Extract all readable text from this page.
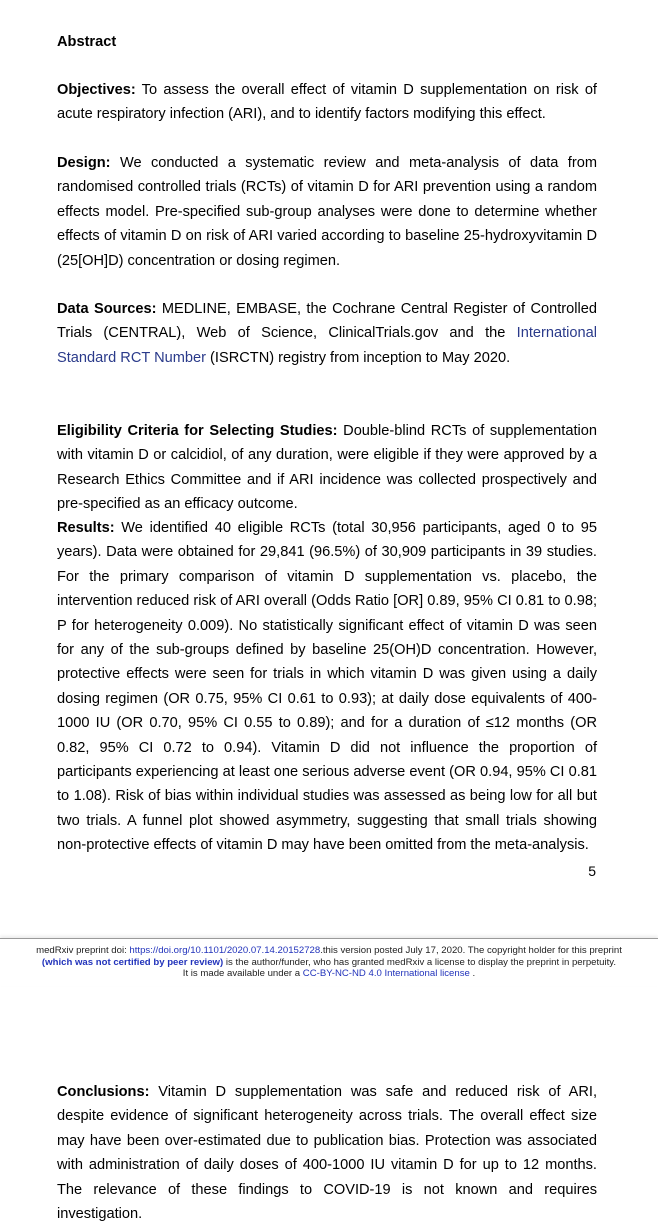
Abstract

Objectives: To assess the overall effect of vitamin D supplementation on risk of acute respiratory infection (ARI), and to identify factors modifying this effect.

Design: We conducted a systematic review and meta-analysis of data from randomised controlled trials (RCTs) of vitamin D for ARI prevention using a random effects model. Pre-specified sub-group analyses were done to determine whether effects of vitamin D on risk of ARI varied according to baseline 25-hydroxyvitamin D (25[OH]D) concentration or dosing regimen.

Data Sources: MEDLINE, EMBASE, the Cochrane Central Register of Controlled Trials (CENTRAL), Web of Science, ClinicalTrials.gov and the International Standard RCT Number (ISRCTN) registry from inception to May 2020.

Eligibility Criteria for Selecting Studies: Double-blind RCTs of supplementation with vitamin D or calcidiol, of any duration, were eligible if they were approved by a Research Ethics Committee and if ARI incidence was collected prospectively and pre-specified as an efficacy outcome.

Results: We identified 40 eligible RCTs (total 30,956 participants, aged 0 to 95 years). Data were obtained for 29,841 (96.5%) of 30,909 participants in 39 studies. For the primary comparison of vitamin D supplementation vs. placebo, the intervention reduced risk of ARI overall (Odds Ratio [OR] 0.89, 95% CI 0.81 to 0.98; P for heterogeneity 0.009). No statistically significant effect of vitamin D was seen for any of the sub-groups defined by baseline 25(OH)D concentration. However, protective effects were seen for trials in which vitamin D was given using a daily dosing regimen (OR 0.75, 95% CI 0.61 to 0.93); at daily dose equivalents of 400-1000 IU (OR 0.70, 95% CI 0.55 to 0.89); and for a duration of ≤12 months (OR 0.82, 95% CI 0.72 to 0.94). Vitamin D did not influence the proportion of participants experiencing at least one serious adverse event (OR 0.94, 95% CI 0.81 to 1.08). Risk of bias within individual studies was assessed as being low for all but two trials. A funnel plot showed asymmetry, suggesting that small trials showing non-protective effects of vitamin D may have been omitted from the meta-analysis.

5
medRxiv preprint doi: https://doi.org/10.1101/2020.07.14.20152728.this version posted July 17, 2020. The copyright holder for this preprint
(which was not certified by peer review) is the author/funder, who has granted medRxiv a license to display the preprint in perpetuity.
It is made available under a CC-BY-NC-ND 4.0 International license .

Conclusions: Vitamin D supplementation was safe and reduced risk of ARI, despite evidence of significant heterogeneity across trials. The overall effect size may have been over-estimated due to publication bias. Protection was associated with administration of daily doses of 400-1000 IU vitamin D for up to 12 months. The relevance of these findings to COVID-19 is not known and requires investigation.
